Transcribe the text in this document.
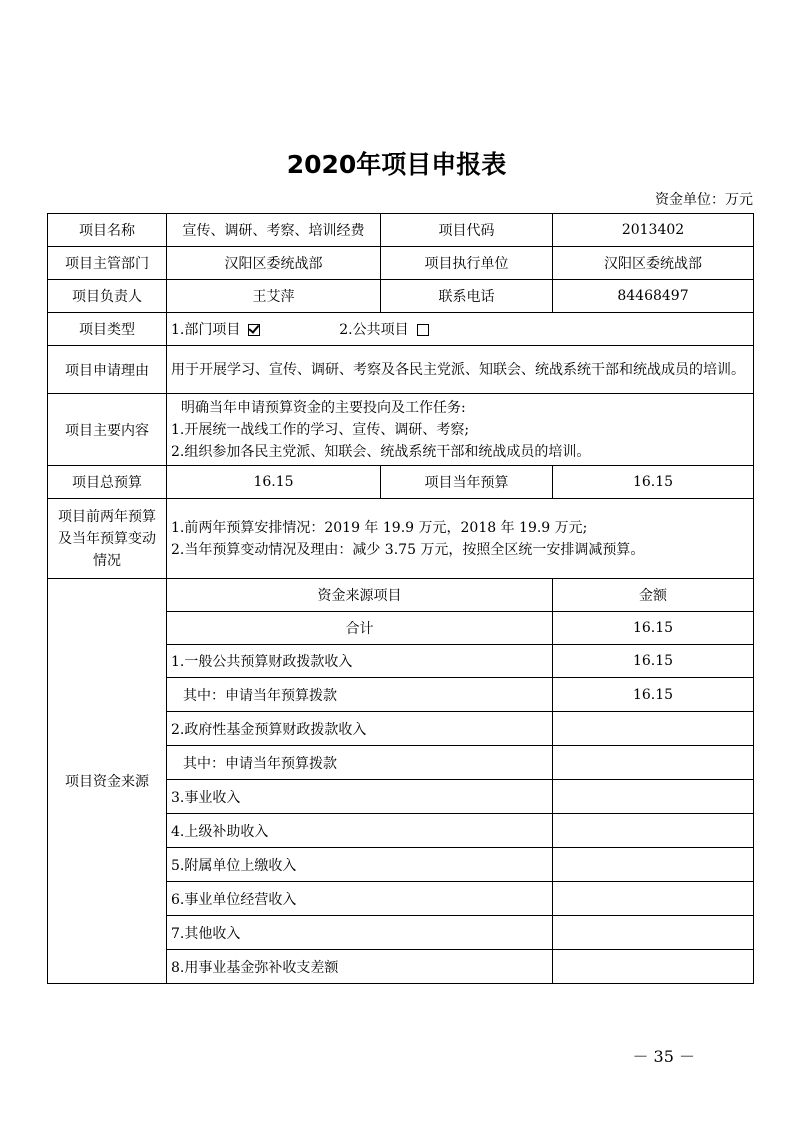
2020年项目申报表
资金单位：万元
项目名称	宣传、调研、考察、培训经费	项目代码	2013402
项目主管部门	汉阳区委统战部	项目执行单位	汉阳区委统战部
项目负责人	王艾萍	联系电话	84468497
项目类型	1.部门项目 2.公共项目		
项目申请理由	用于开展学习、宣传、调研、考察及各民主党派、知联会、统战系统干部和统战成员的培训。		
项目主要内容	明确当年申请预算资金的主要投向及工作任务:
1.开展统一战线工作的学习、宣传、调研、考察;
2.组织参加各民主党派、知联会、统战系统干部和统战成员的培训。		

项目总预算	16.15	项目当年预算	16.15
项目前两年预算及当年预算变动情况	1.前两年预算安排情况：2019 年 19.9 万元，2018 年 19.9 万元;
2.当年预算变动情况及理由：减少 3.75 万元，按照全区统一安排调减预算。		

项目资金来源	资金来源项目		金额
	合计		16.15
	1.一般公共预算财政拨款收入		16.15
	其中：申请当年预算拨款		16.15
	2.政府性基金预算财政拨款收入		
	其中：申请当年预算拨款		
	3.事业收入		
	4.上级补助收入		
	5.附属单位上缴收入		
	6.事业单位经营收入		
	7.其他收入		
	8.用事业基金弥补收支差额		
－ 35 －
